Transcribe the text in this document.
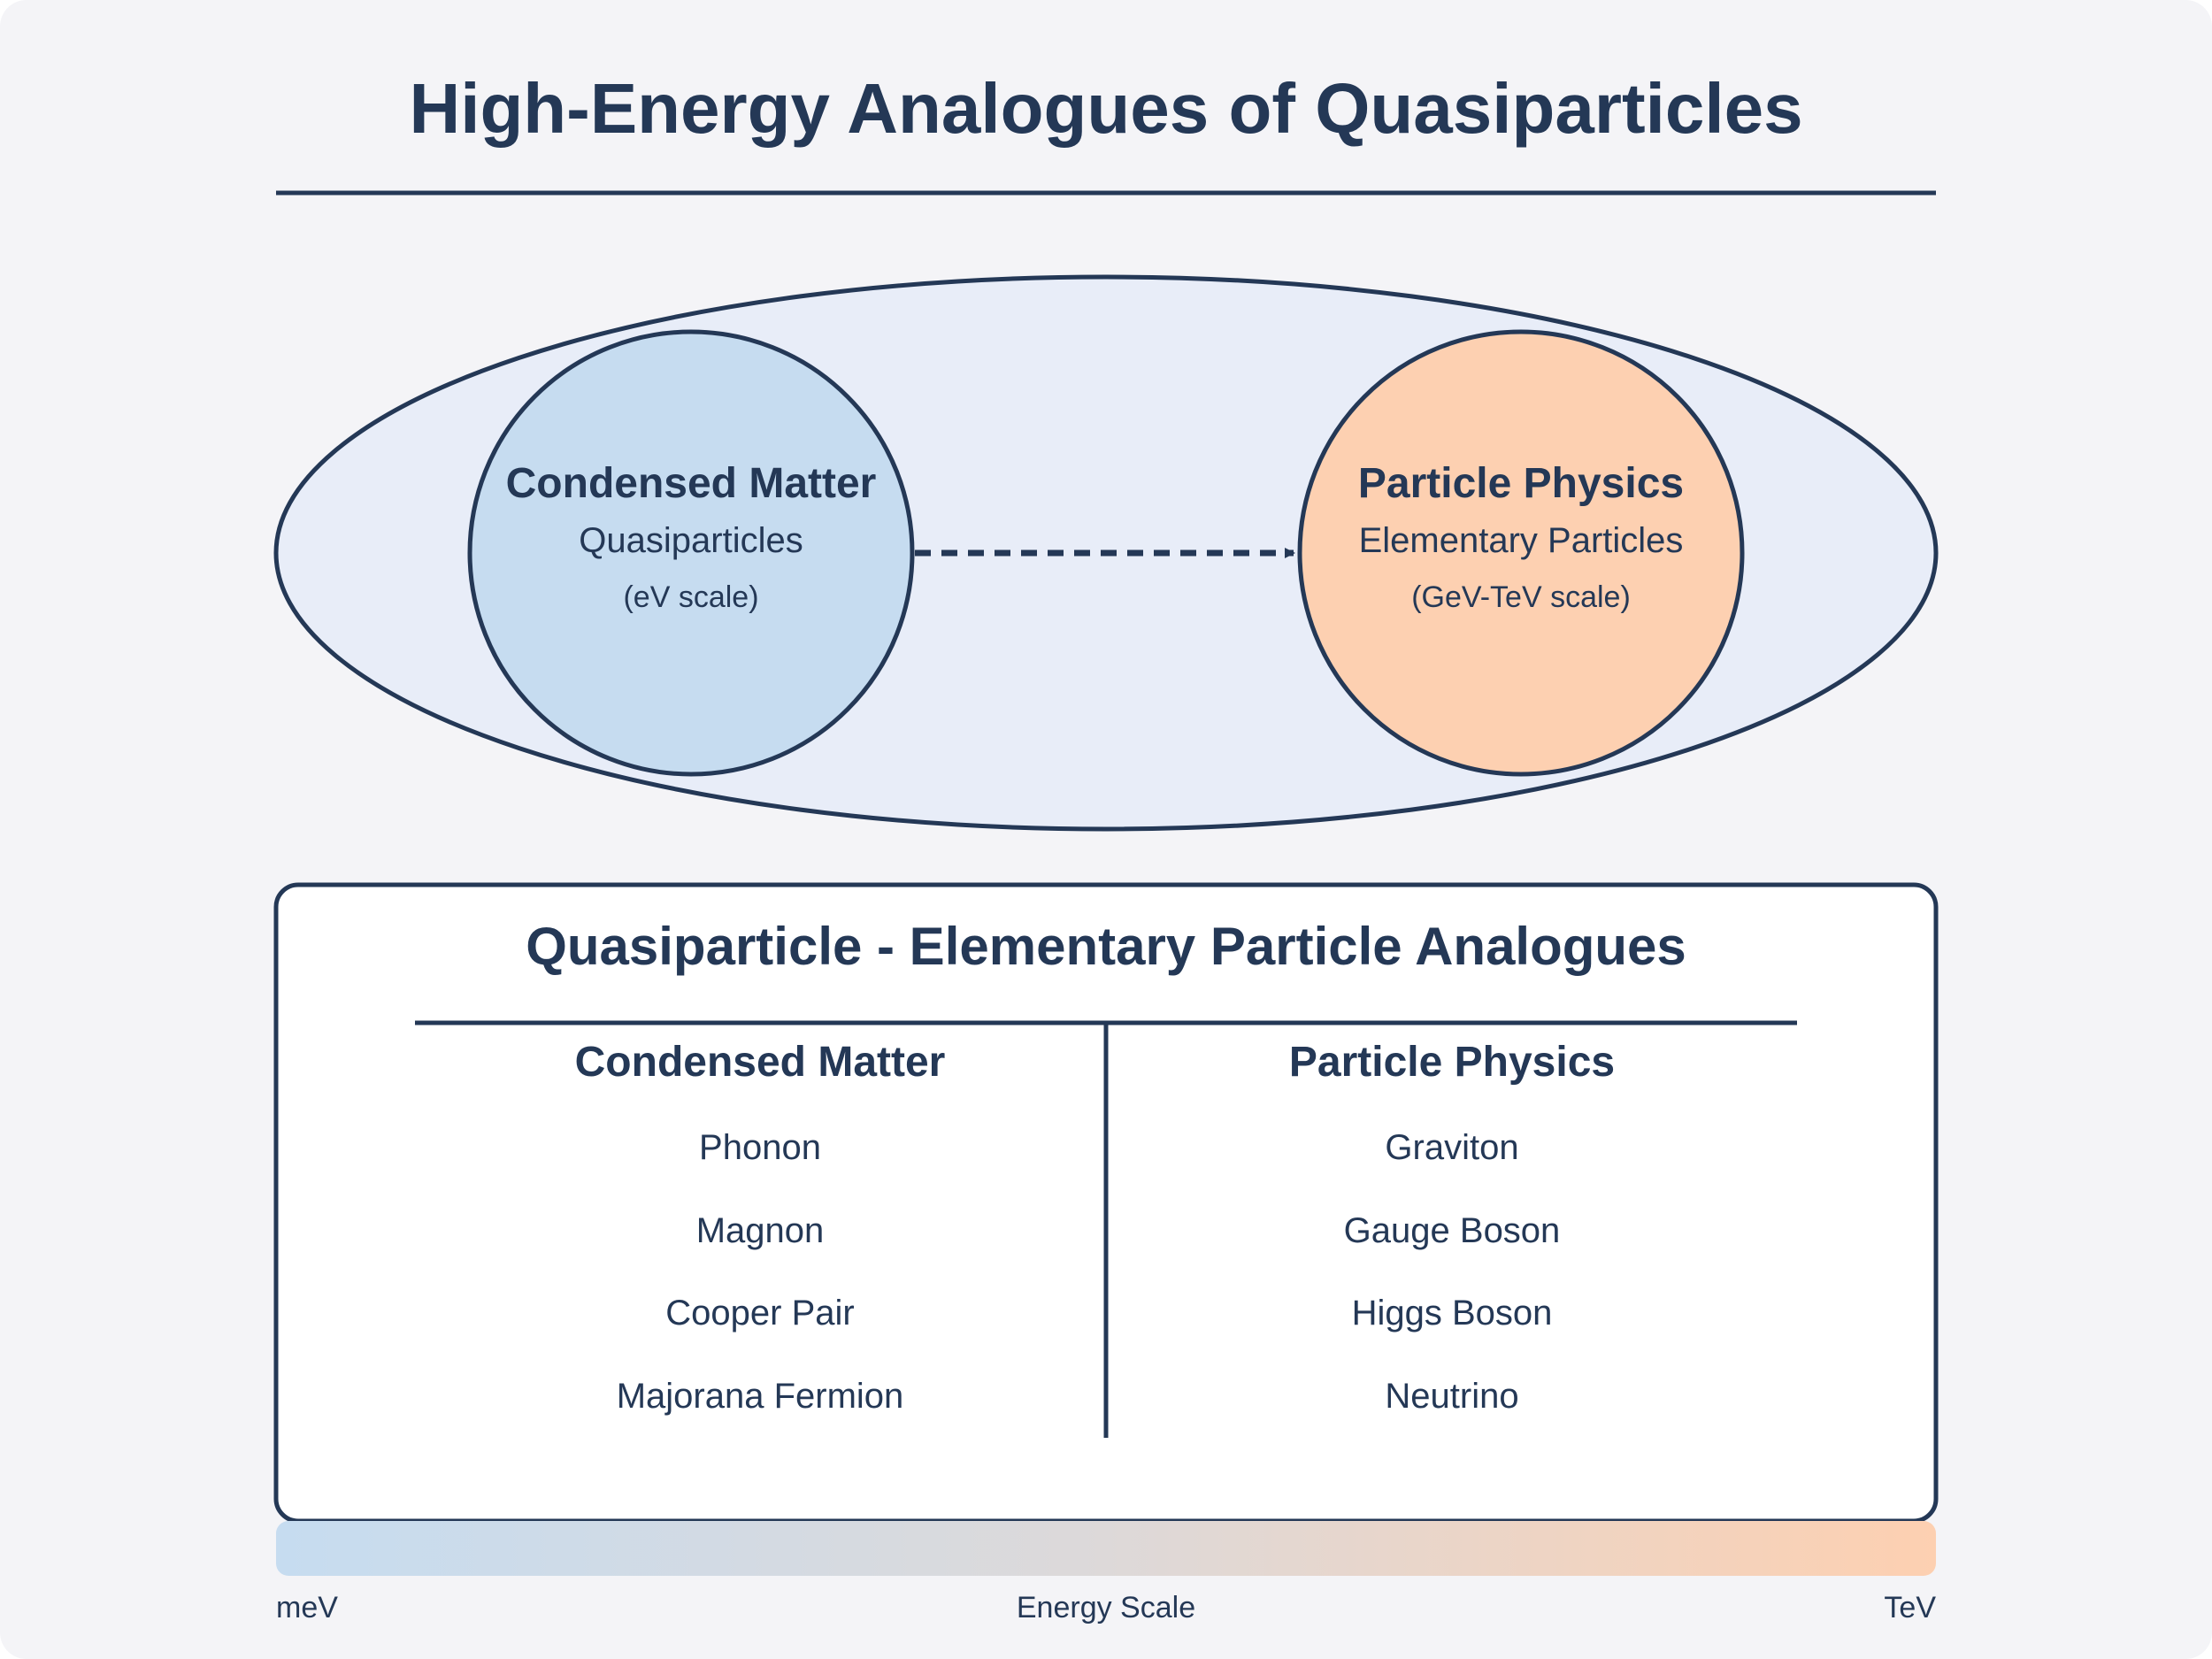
High-Energy Analogues of Quasiparticles
Condensed Matter
Quasiparticles
(eV scale)
Particle Physics
Elementary Particles
(GeV-TeV scale)
Quasiparticle - Elementary Particle Analogues
Condensed Matter	Particle Physics
Phonon	Graviton
Magnon	Gauge Boson
Cooper Pair	Higgs Boson
Majorana Fermion	Neutrino
meV	Energy Scale	TeV
